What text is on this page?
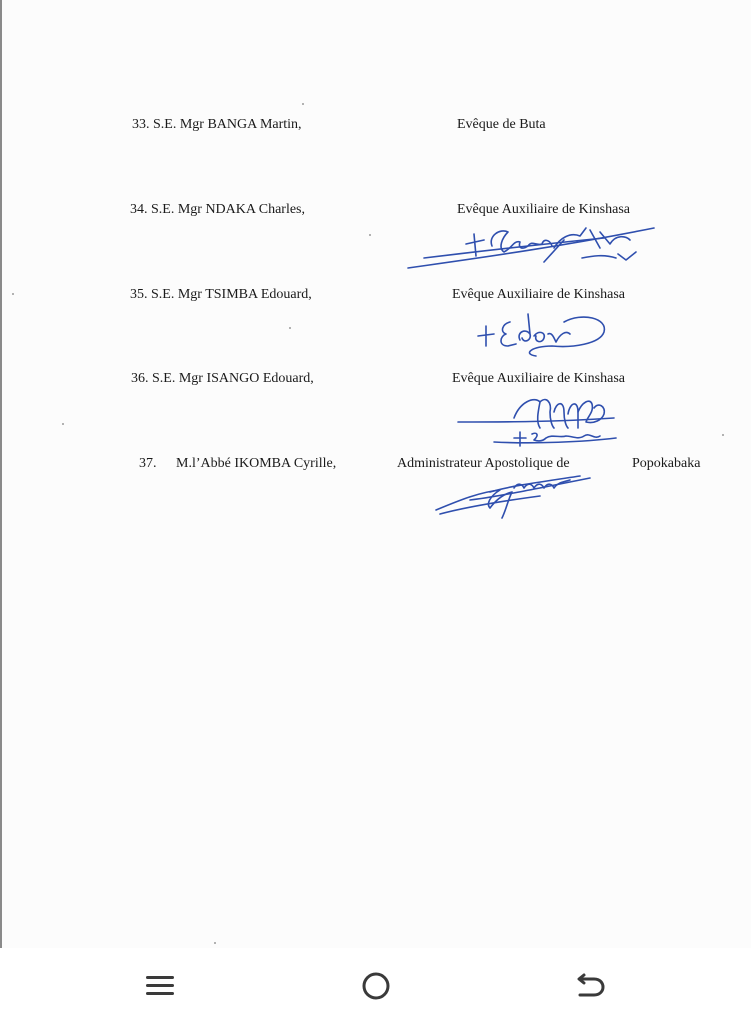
33. S.E. Mgr BANGA Martin,	Evêque de Buta
34. S.E. Mgr NDAKA Charles,	Evêque Auxiliaire de Kinshasa
35. S.E. Mgr TSIMBA Edouard,	Evêque Auxiliaire de Kinshasa
36. S.E. Mgr ISANGO Edouard,	Evêque Auxiliaire de Kinshasa
37. M.l’Abbé IKOMBA Cyrille,	Administrateur Apostolique de	Popokabaka
